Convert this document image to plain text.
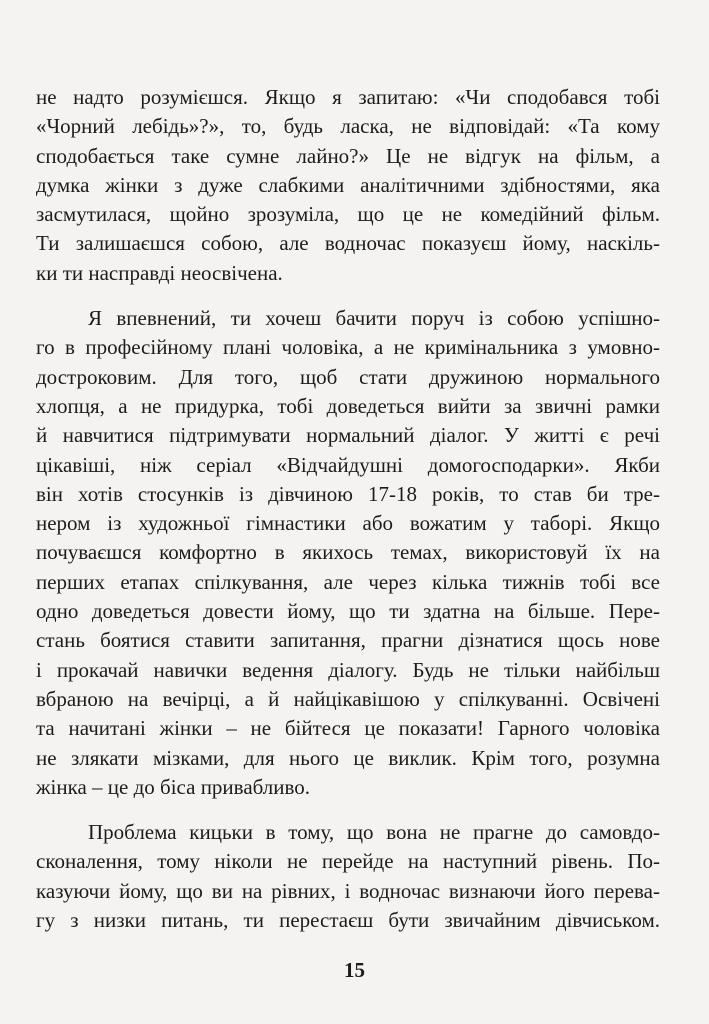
не надто розумієшся. Якщо я запитаю: «Чи сподобався тобі
«Чорний лебідь»?», то, будь ласка, не відповідай: «Та кому
сподобається таке сумне лайно?» Це не відгук на фільм, а
думка жінки з дуже слабкими аналітичними здібностями, яка
засмутилася, щойно зрозуміла, що це не комедійний фільм.
Ти залишаєшся собою, але водночас показуєш йому, наскіль-
ки ти насправді неосвічена.

Я впевнений, ти хочеш бачити поруч із собою успішно-
го в професійному плані чоловіка, а не кримінальника з умовно-
достроковим. Для того, щоб стати дружиною нормального
хлопця, а не придурка, тобі доведеться вийти за звичні рамки
й навчитися підтримувати нормальний діалог. У житті є речі
цікавіші, ніж серіал «Відчайдушні домогосподарки». Якби
він хотів стосунків із дівчиною 17-18 років, то став би тре-
нером із художньої гімнастики або вожатим у таборі. Якщо
почуваєшся комфортно в якихось темах, використовуй їх на
перших етапах спілкування, але через кілька тижнів тобі все
одно доведеться довести йому, що ти здатна на більше. Пере-
стань боятися ставити запитання, прагни дізнатися щось нове
і прокачай навички ведення діалогу. Будь не тільки найбільш
вбраною на вечірці, а й найцікавішою у спілкуванні. Освічені
та начитані жінки – не бійтеся це показати! Гарного чоловіка
не злякати мізками, для нього це виклик. Крім того, розумна
жінка – це до біса привабливо.

Проблема кицьки в тому, що вона не прагне до самовдо-
сконалення, тому ніколи не перейде на наступний рівень. По-
казуючи йому, що ви на рівних, і водночас визнаючи його перева-
гу з низки питань, ти перестаєш бути звичайним дівчиськом.

15
